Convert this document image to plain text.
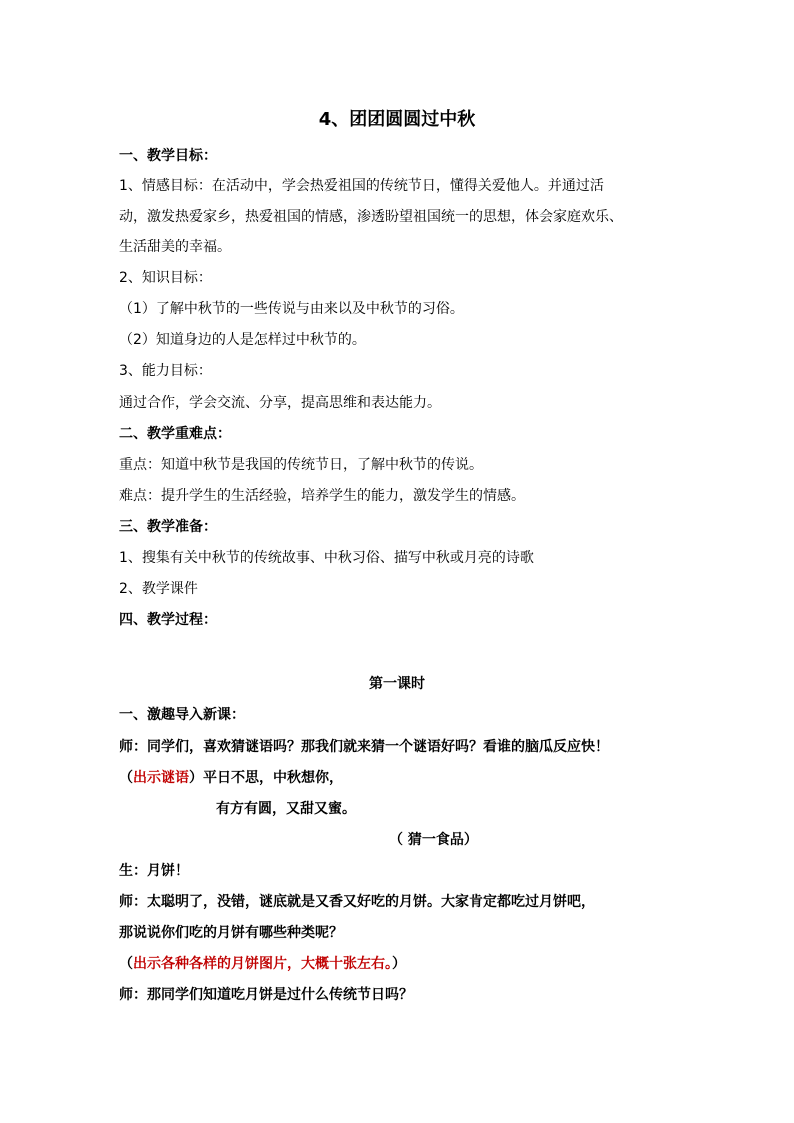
4、团团圆圆过中秋

一、教学目标：

1、情感目标：在活动中，学会热爱祖国的传统节日，懂得关爱他人。并通过活

动，激发热爱家乡，热爱祖国的情感，渗透盼望祖国统一的思想，体会家庭欢乐、

生活甜美的幸福。

2、知识目标：

（1）了解中秋节的一些传说与由来以及中秋节的习俗。

（2）知道身边的人是怎样过中秋节的。

3、能力目标：

通过合作，学会交流、分享，提高思维和表达能力。

二、教学重难点：

重点：知道中秋节是我国的传统节日，了解中秋节的传说。

难点：提升学生的生活经验，培养学生的能力，激发学生的情感。

三、教学准备：

1、搜集有关中秋节的传统故事、中秋习俗、描写中秋或月亮的诗歌

2、教学课件

四、教学过程：

第一课时

一、激趣导入新课：

师：同学们，喜欢猜谜语吗？那我们就来猜一个谜语好吗？看谁的脑瓜反应快！

（出示谜语）平日不思，中秋想你，

有方有圆，又甜又蜜。

（ 猜一食品）

生：月饼！

师：太聪明了，没错，谜底就是又香又好吃的月饼。大家肯定都吃过月饼吧，

那说说你们吃的月饼有哪些种类呢？

（出示各种各样的月饼图片，大概十张左右。）

师：那同学们知道吃月饼是过什么传统节日吗？
